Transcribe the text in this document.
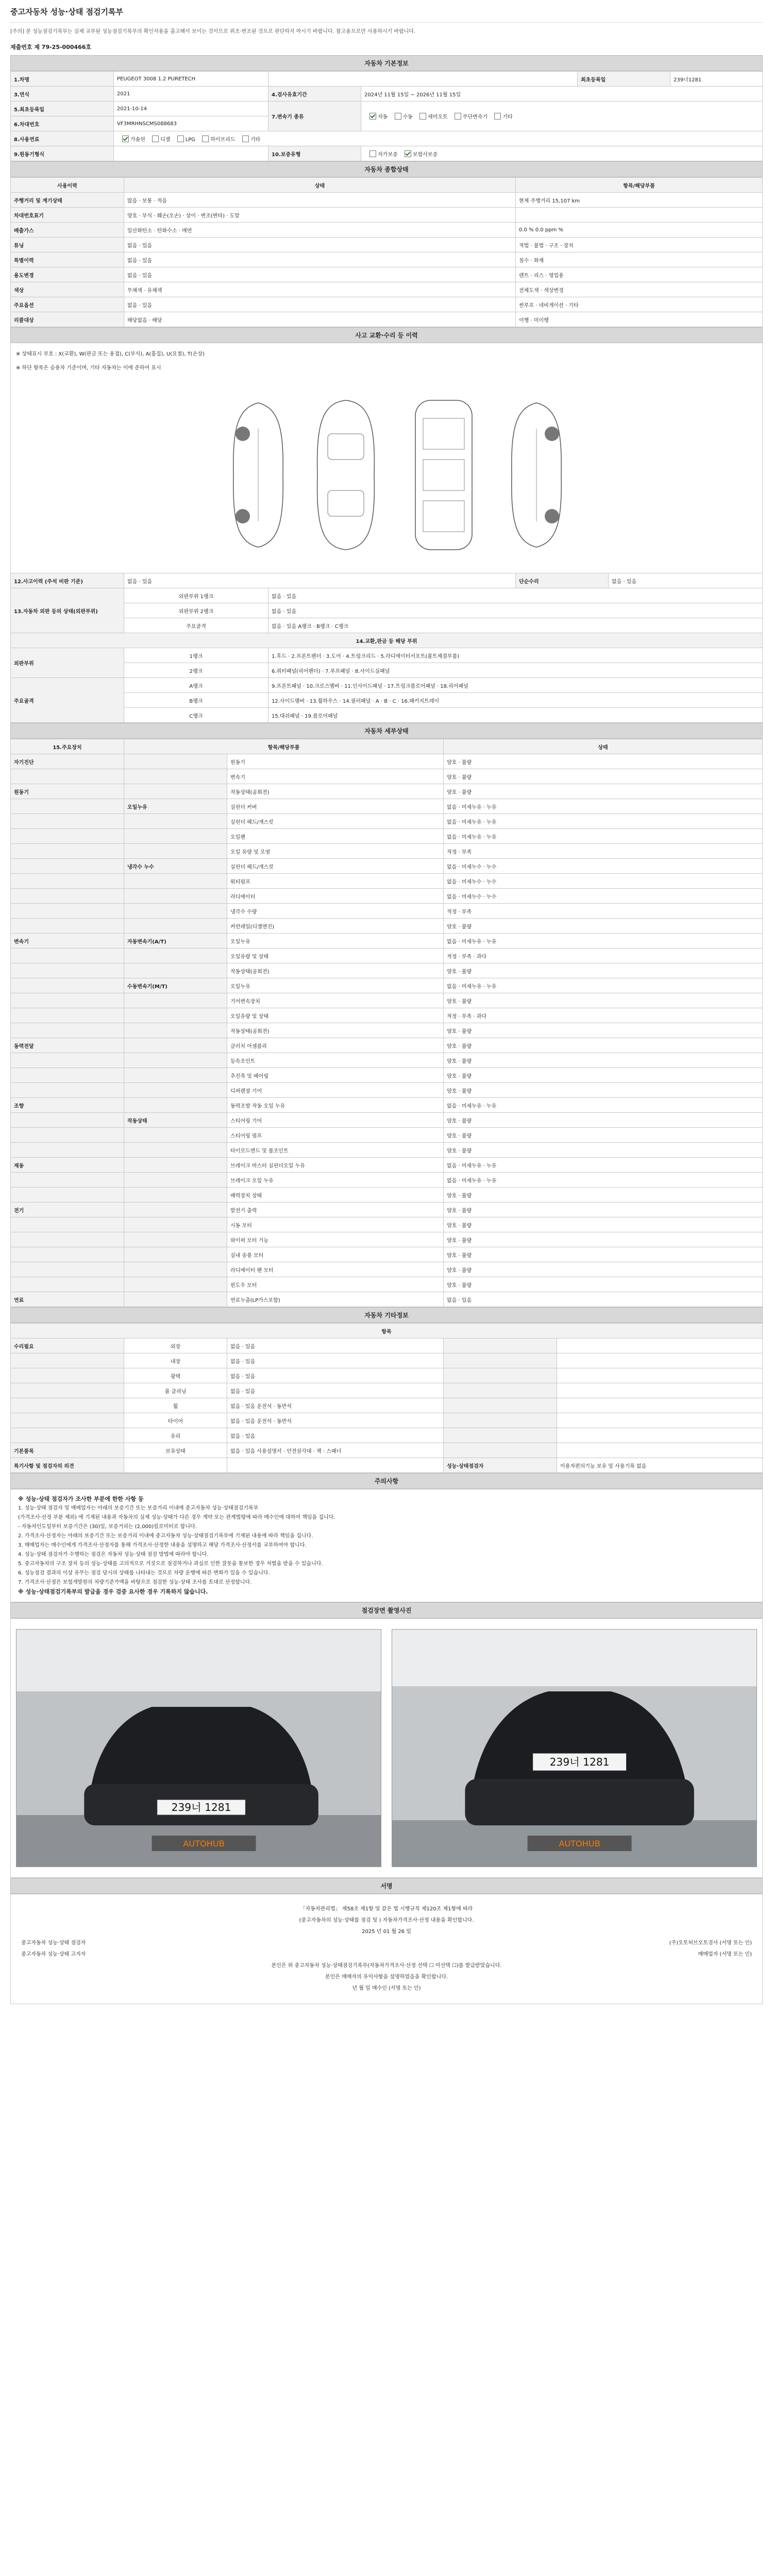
중고자동차 성능·상태 점검기록부
[주의] 본 성능점검기록부는 실제 교부된 성능점검기록부의 확인자용을 출고해서 보이는 것이므로 위조·변조된 것으로 판단하지 마시기 바랍니다. 참고용으로만 사용하시기 바랍니다.
제출번호 제 79-25-000466호
자동차 기본정보
1.차명	PEUGEOT 3008 1.2 PURETECH			최초등록일	239너1281
3.연식	2021	4.검사유효기간	2024년 11월 15일 ~ 2026년 11월 15일		
5.최초등록일	2021-10-14	7.변속기 종류	자동 수동 세미오토 무단변속기 기타		
6.차대번호	VF3MRHNSCMS088683				
8.사용연료	가솔린 디젤 LPG 하이브리드 기타				
9.원동기형식		10.보증유형	자가보증 보험사보증		
자동차 종합상태
사용이력	상태	항목/해당부품
주행거리 및 계기상태	많음 · 보통 · 적음	현재 주행거리 15,107 km
차대번호표기	양호 · 부식 · 훼손(오손) · 상이 · 변조(변타) · 도말	
배출가스	일산화탄소 · 탄화수소 · 매연	0.0 % 0.0 ppm %
튜닝	없음 · 있음	적법 · 불법 · 구조 · 장치
특별이력	없음 · 있음	침수 · 화재
용도변경	없음 · 있음	렌트 · 리스 · 영업용
색상	무채색 · 유채색	전체도색 · 색상변경
주요옵션	없음 · 있음	썬루프 · 네비게이션 · 기타
리콜대상	해당없음 · 해당	이행 · 미이행
사고 교환·수리 등 이력
※ 상태표시 부호 : X(교환), W(판금 또는 용접), C(부식), A(흠집), U(요철), T(손상)
※ 하단 항목은 승용차 기준이며, 기타 자동차는 이에 준하여 표시
12.사고이력 (주석 비판 기준)	없음 · 있음		단순수리	없음 · 있음
13.자동차 외판 등의 상태(외판부위)	외판부위 1랭크	없음 · 있음		
	외판부위 2랭크	없음 · 있음		
	주요골격	없음 · 있음 A랭크 · B랭크 · C랭크		
14.교환,판금 등 해당 부위				
외판부위	1랭크	1.후드 · 2.프론트펜더 · 3.도어 · 4.트렁크리드 · 5.라디에이터서포트(볼트체결부품)		
	2랭크	6.쿼터패널(리어펜더) · 7.루프패널 · 8.사이드실패널		
주요골격	A랭크	9.프론트패널 · 10.크로스멤버 · 11.인사이드패널 · 17.트렁크플로어패널 · 18.리어패널		
	B랭크	12.사이드멤버 · 13.휠하우스 · 14.필러패널 · A · B · C · 16.패키지트레이		
	C랭크	15.대쉬패널 · 19.플로어패널		
자동차 세부상태
15.주요장치	항목/해당부품		상태
자기진단		원동기	양호 · 불량
		변속기	양호 · 불량
원동기		작동상태(공회전)	양호 · 불량
	오일누유	실린더 커버	없음 · 미세누유 · 누유
		실린더 헤드/개스킷	없음 · 미세누유 · 누유
		오일팬	없음 · 미세누유 · 누유
		오일 유량 및 오염	적정 · 부족
	냉각수 누수	실린더 헤드/개스킷	없음 · 미세누수 · 누수
		워터펌프	없음 · 미세누수 · 누수
		라디에이터	없음 · 미세누수 · 누수
		냉각수 수량	적정 · 부족
		커먼레일(디젤엔진)	양호 · 불량
변속기	자동변속기(A/T)	오일누유	없음 · 미세누유 · 누유
		오일유량 및 상태	적정 · 부족 · 과다
		작동상태(공회전)	양호 · 불량
	수동변속기(M/T)	오일누유	없음 · 미세누유 · 누유
		기어변속장치	양호 · 불량
		오일유량 및 상태	적정 · 부족 · 과다
		작동상태(공회전)	양호 · 불량
동력전달		클러치 어셈블리	양호 · 불량
		등속조인트	양호 · 불량
		추진축 및 베어링	양호 · 불량
		디퍼렌셜 기어	양호 · 불량
조향		동력조향 작동 오일 누유	없음 · 미세누유 · 누유
	작동상태	스티어링 기어	양호 · 불량
		스티어링 펌프	양호 · 불량
		타이로드엔드 및 볼조인트	양호 · 불량
제동		브레이크 마스터 실린더오일 누유	없음 · 미세누유 · 누유
		브레이크 오일 누유	없음 · 미세누유 · 누유
		배력장치 상태	양호 · 불량
전기		발전기 출력	양호 · 불량
		시동 모터	양호 · 불량
		와이퍼 모터 기능	양호 · 불량
		실내 송풍 모터	양호 · 불량
		라디에이터 팬 모터	양호 · 불량
		윈도우 모터	양호 · 불량
연료		연료누출(LP가스포함)	없음 · 있음
자동차 기타정보
항목				
수리필요	외장	없음 · 있음		
	내장	없음 · 있음		
	광택	없음 · 있음		
	룸 클리닝	없음 · 있음		
	휠	없음 · 있음 운전석 · 동반석		
	타이어	없음 · 있음 운전석 · 동반석		
	유리	없음 · 있음		
기본품목	보유상태	없음 · 있음 사용설명서 · 안전삼각대 · 잭 · 스패너		
특기사항 및 점검자의 의견			성능·상태점검자	이용자편의기능 보유 및 사용기록 없음
주의사항
※ 성능·상태 점검자가 조사한 부분에 한한 사항 등
1. 성능·상태 점검자 및 매매업자는 아래의 보증기간 또는 보증거리 이내에 중고자동차 성능·상태점검기록부
(가격조사·산정 부분 제외) 에 기재된 내용과 자동차의 실제 성능·상태가 다른 경우 계약 또는 관계법령에 따라 매수인에 대하여 책임을 집니다.
- 자동차인도일부터 보증기간은 (30)일, 보증거리는 (2,000)킬로미터로 합니다.
2. 가격조사·산정자는 아래의 보증기간 또는 보증거리 이내에 중고자동차 성능·상태점검기록부에 기재된 내용에 따라 책임을 집니다.
3. 매매업자는 매수인에게 가격조사·산정자를 통해 가격조사·산정한 내용을 설명하고 해당 가격조사·산정서를 교부하여야 합니다.
4. 성능·상태 점검자가 수행하는 점검은 자동차 성능·상태 점검 방법에 따라야 합니다.
5. 중고자동차의 구조 장치 등의 성능·상태를 고의적으로 거짓으로 점검하거나 과실로 인한 잘못을 통보한 경우 처벌을 받을 수 있습니다.
6. 성능점검 결과의 이상 유무는 점검 당시의 상태를 나타내는 것으로 차량 운행에 따른 변화가 있을 수 있습니다.
7. 가격조사·산정은 보험개발원의 차량기준가액을 바탕으로 점검한 성능·상태 조사를 토대로 산정합니다.
※ 성능·상태점검기록부의 발급을 경우 검증 요사한 경우 기록하지 않습니다.
점검장면 촬영사진
239너 1281
AUTOHUB
239너 1281
AUTOHUB
서명
「자동차관리법」 제58조 제1항 및 같은 법 시행규칙 제120조 제1항에 따라
(중고자동차의 성능·상태를 점검 및 ) 자동차가격조사·산정 내용을 확인합니다.
2025 년 01 월 26 일
중고자동차 성능·상태 점검자	(주)오토허브오토검사 (서명 또는 인)
중고자동차 성능·상태 고지자	매매업자 (서명 또는 인)
본인은 위 중고자동차 성능·상태점검기록부(자동차가격조사·산정 선택 ☐ 미선택 ☐)를 발급받았습니다.
본인은 매매자의 유익사항을 설명하였음을 확인합니다.
년 월 일 매수인 (서명 또는 인)
